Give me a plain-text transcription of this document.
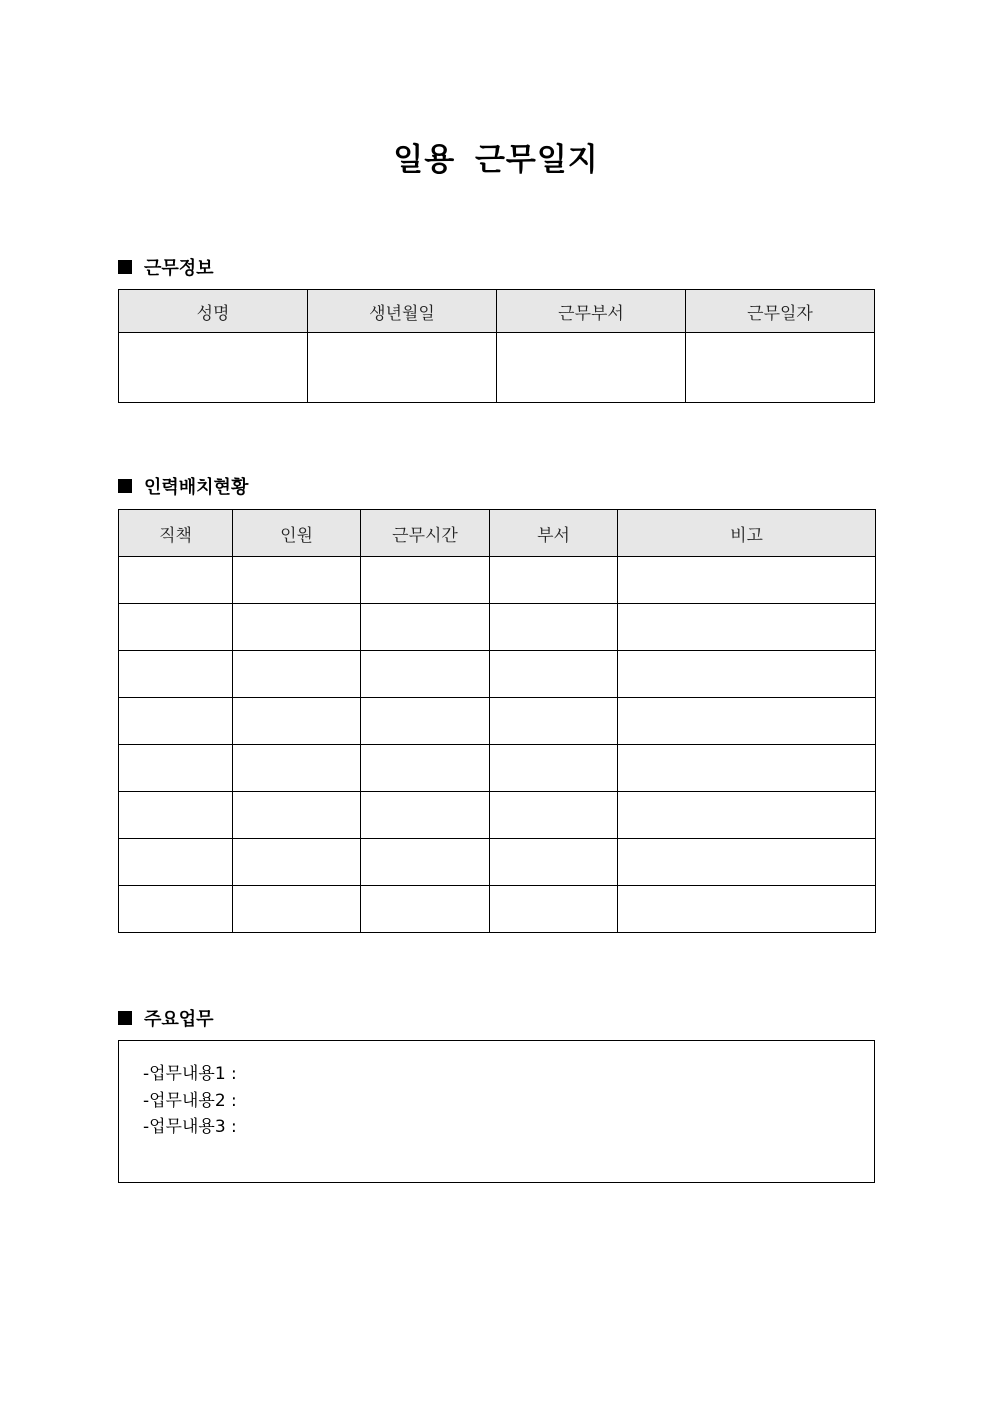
일용 근무일지
근무정보
성명	생년월일	근무부서	근무일자

인력배치현황
직책	인원	근무시간	부서	비고

주요업무
-업무내용1 :
-업무내용2 :
-업무내용3 :
